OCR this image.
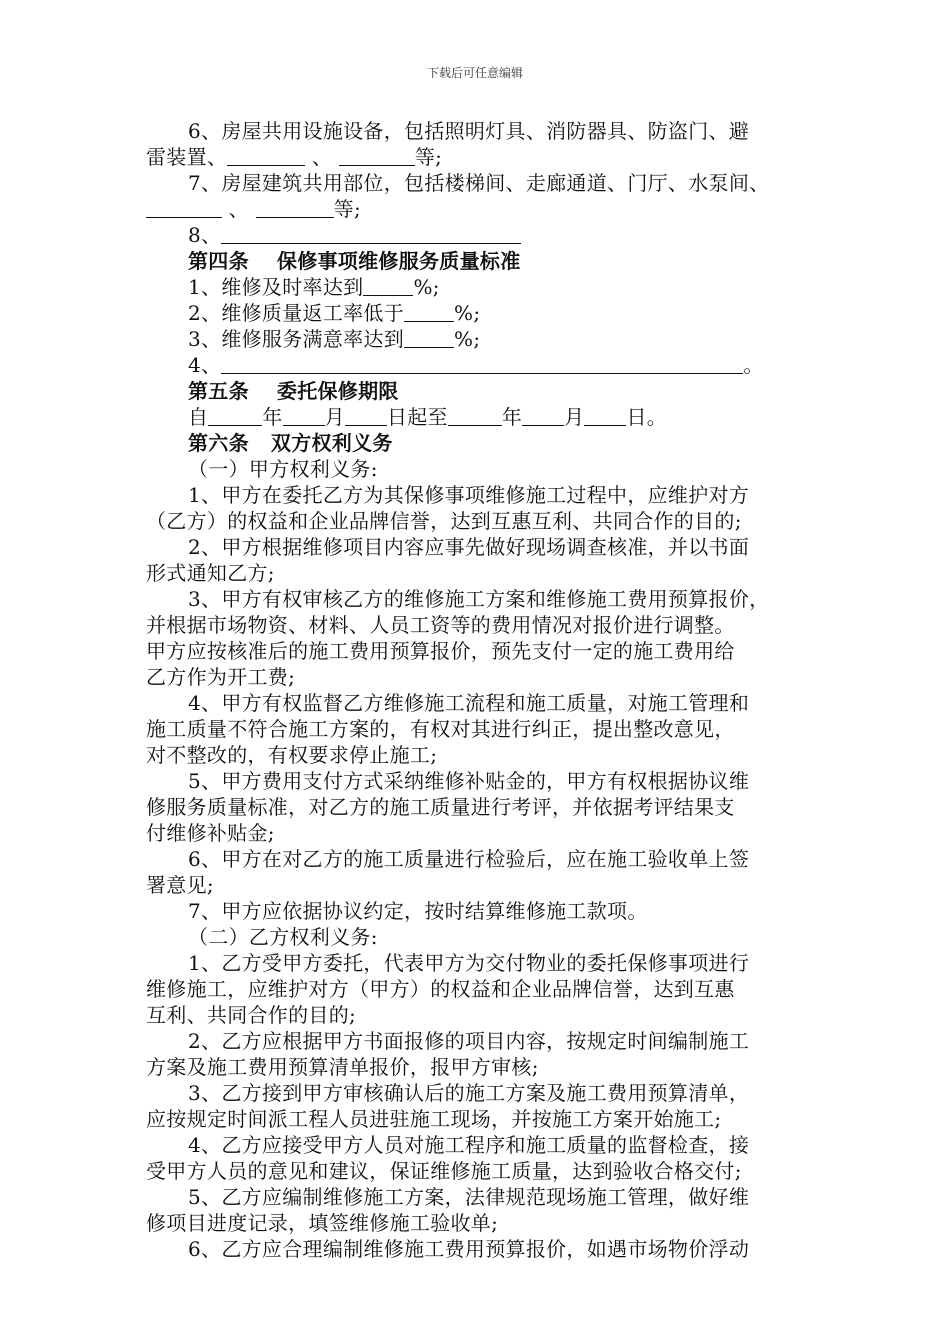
下载后可任意编辑
6、房屋共用设施设备，包括照明灯具、消防器具、防盗门、避
雷装置、	、	等;
7、房屋建筑共用部位，包括楼梯间、走廊通道、门厅、水泵间、
、	等;
8、
第四条 保修事项维修服务质量标准
1、维修及时率达到	%;
2、维修质量返工率低于	%;
3、维修服务满意率达到	%;
4、	。
第五条 委托保修期限
自	年 月 日起至	年 月 日。
第六条 双方权利义务
（一）甲方权利义务:
1、甲方在委托乙方为其保修事项维修施工过程中，应维护对方
（乙方）的权益和企业品牌信誉，达到互惠互利、共同合作的目的;
2、甲方根据维修项目内容应事先做好现场调查核准，并以书面
形式通知乙方;
3、甲方有权审核乙方的维修施工方案和维修施工费用预算报价，
并根据市场物资、材料、人员工资等的费用情况对报价进行调整。
甲方应按核准后的施工费用预算报价，预先支付一定的施工费用给
乙方作为开工费;
4、甲方有权监督乙方维修施工流程和施工质量，对施工管理和
施工质量不符合施工方案的，有权对其进行纠正，提出整改意见，
对不整改的，有权要求停止施工;
5、甲方费用支付方式采纳维修补贴金的，甲方有权根据协议维
修服务质量标准，对乙方的施工质量进行考评，并依据考评结果支
付维修补贴金;
6、甲方在对乙方的施工质量进行检验后，应在施工验收单上签
署意见;
7、甲方应依据协议约定，按时结算维修施工款项。
（二）乙方权利义务:
1、乙方受甲方委托，代表甲方为交付物业的委托保修事项进行
维修施工，应维护对方（甲方）的权益和企业品牌信誉，达到互惠
互利、共同合作的目的;
2、乙方应根据甲方书面报修的项目内容，按规定时间编制施工
方案及施工费用预算清单报价，报甲方审核;
3、乙方接到甲方审核确认后的施工方案及施工费用预算清单，
应按规定时间派工程人员进驻施工现场，并按施工方案开始施工;
4、乙方应接受甲方人员对施工程序和施工质量的监督检查，接
受甲方人员的意见和建议，保证维修施工质量，达到验收合格交付;
5、乙方应编制维修施工方案，法律规范现场施工管理，做好维
修项目进度记录，填签维修施工验收单;
6、乙方应合理编制维修施工费用预算报价，如遇市场物价浮动
